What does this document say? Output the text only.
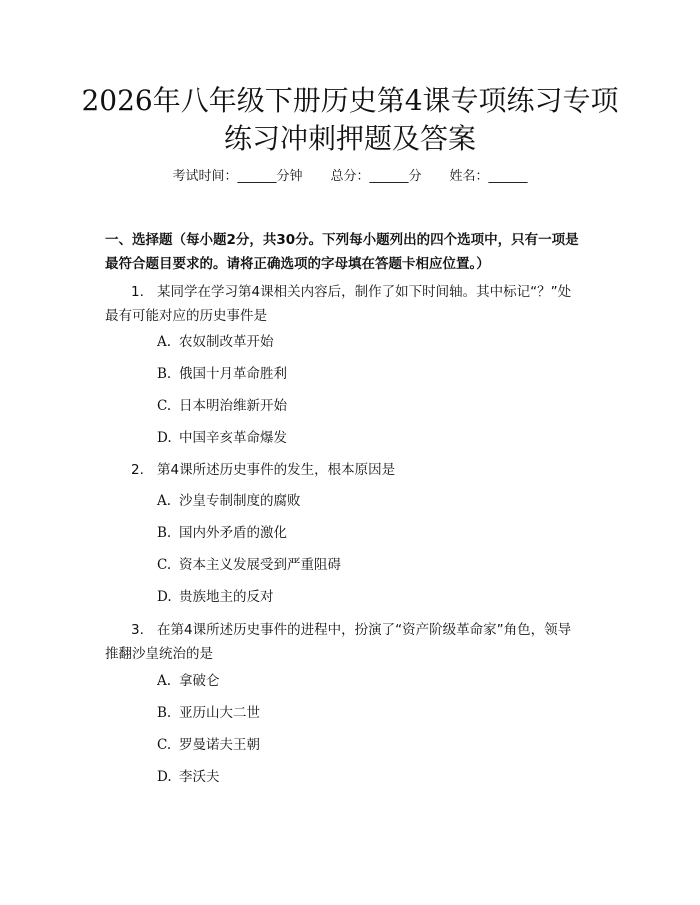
2026年八年级下册历史第4课专项练习专项
练习冲刺押题及答案
考试时间：______分钟 总分：______分 姓名：______
一、选择题（每小题2分，共30分。下列每小题列出的四个选项中，只有一项是
最符合题目要求的。请将正确选项的字母填在答题卡相应位置。）
1. 某同学在学习第4课相关内容后，制作了如下时间轴。其中标记“？”处
最有可能对应的历史事件是
A. 农奴制改革开始
B. 俄国十月革命胜利
C. 日本明治维新开始
D. 中国辛亥革命爆发
2. 第4课所述历史事件的发生，根本原因是
A. 沙皇专制制度的腐败
B. 国内外矛盾的激化
C. 资本主义发展受到严重阻碍
D. 贵族地主的反对
3. 在第4课所述历史事件的进程中，扮演了“资产阶级革命家”角色，领导
推翻沙皇统治的是
A. 拿破仑
B. 亚历山大二世
C. 罗曼诺夫王朝
D. 李沃夫
